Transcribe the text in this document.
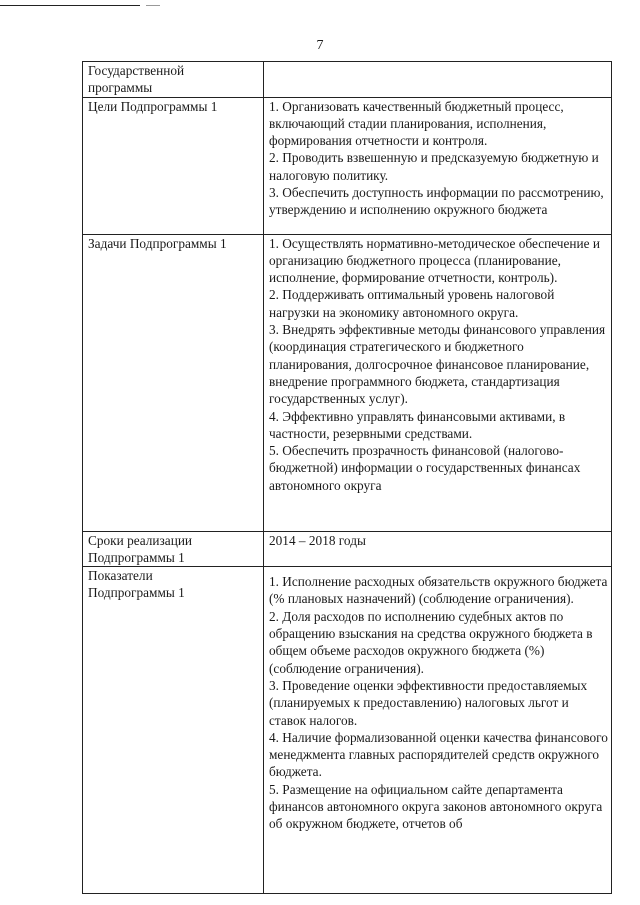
7
Государственной
программы	

Цели Подпрограммы 1	1. Организовать качественный бюджетный процесс, включающий стадии планирования, исполнения, формирования отчетности и контроля.
2. Проводить взвешенную и предсказуемую бюджетную и налоговую политику.
3. Обеспечить доступность информации по рассмотрению, утверждению и исполнению окружного бюджета

Задачи Подпрограммы 1	1. Осуществлять нормативно-методическое обеспечение и организацию бюджетного процесса (планирование, исполнение, формирование отчетности, контроль).
2. Поддерживать оптимальный уровень налоговой нагрузки на экономику автономного округа.
3. Внедрять эффективные методы финансового управления (координация стратегического и бюджетного планирования, долгосрочное финансовое планирование, внедрение программного бюджета, стандартизация государственных услуг).
4. Эффективно управлять финансовыми активами, в частности, резервными средствами.
5. Обеспечить прозрачность финансовой (налогово-бюджетной) информации о государственных финансах автономного округа

Сроки реализации
Подпрограммы 1	2014 – 2018 годы

Показатели
Подпрограммы 1	1. Исполнение расходных обязательств окружного бюджета (% плановых назначений) (соблюдение ограничения).
2. Доля расходов по исполнению судебных актов по обращению взыскания на средства окружного бюджета в общем объеме расходов окружного бюджета (%) (соблюдение ограничения).
3. Проведение оценки эффективности предоставляемых (планируемых к предоставлению) налоговых льгот и ставок налогов.
4. Наличие формализованной оценки качества финансового менеджмента главных распорядителей средств окружного бюджета.
5. Размещение на официальном сайте департамента финансов автономного округа законов автономного округа об окружном бюджете, отчетов об
